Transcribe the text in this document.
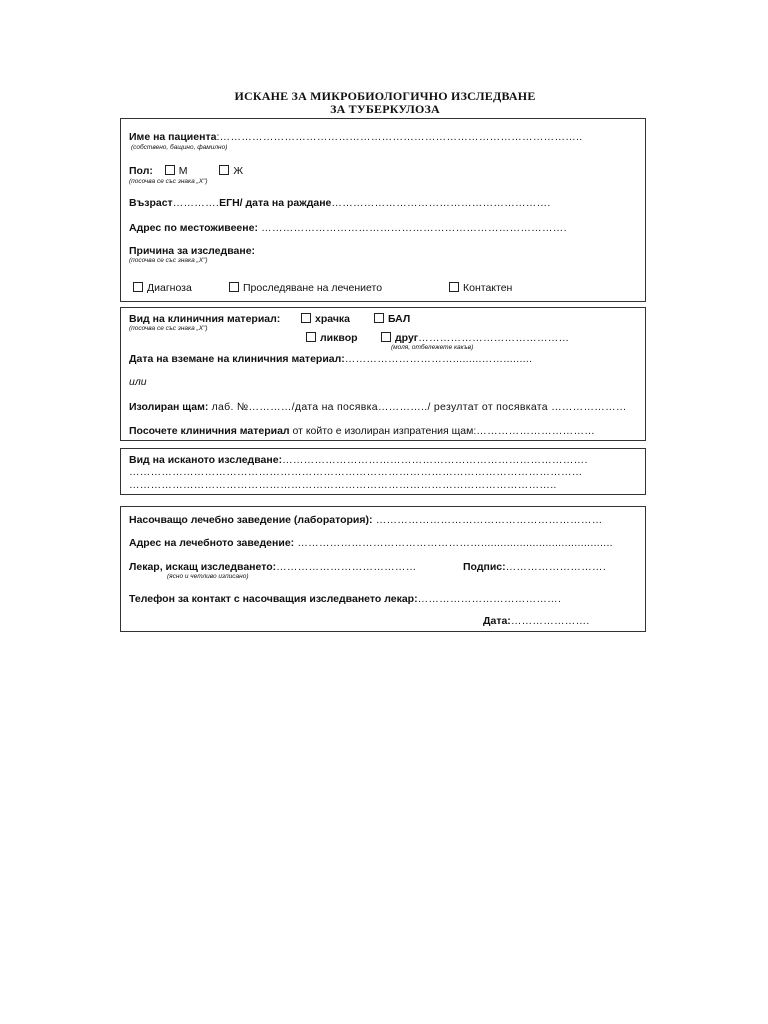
ИСКАНЕ ЗА МИКРОБИОЛОГИЧНО ИЗСЛЕДВАНЕ
ЗА ТУБЕРКУЛОЗА
Име на пациента:………………………………………………………………………………………..
(собствено, бащино, фамилно)
Пол: М	Ж
(посочва се със знака „X")
Възраст………….ЕГН/ дата на раждане…………………………………………………….
Адрес по местоживеене: ………………………………………………………………………….
Причина за изследване:
(посочва се със знака „X")
Диагноза	Проследяване на лечението	Контактен
Вид на клиничния материал:
(посочва се със знака „X")
храчка	БАЛ
ликвор	друг……………………………………
(моля, отбележете какъв)
Дата на вземане на клиничния материал:………………………….........…….........
или
Изолиран щам: лаб. №…………/дата на посявка…………../ резултат от посявката …………………
Посочете клиничния материал от който е изолиран изпратения щам:……………………………
Вид на исканото изследване:………………………………………………………………………….
………………………………………………………………………………………………………………
………………………………………………………………………………………………………..
Насочващо лечебно заведение (лаборатория): ………………………………………………………
Адрес на лечебното заведение: …………………………………………….........................................
Лекар, искащ изследването:…………………………………
(ясно и четливо изписано)
Подпис:……………………….
Телефон за контакт с насочващия изследването лекар:………………………………….
Дата:………………….
